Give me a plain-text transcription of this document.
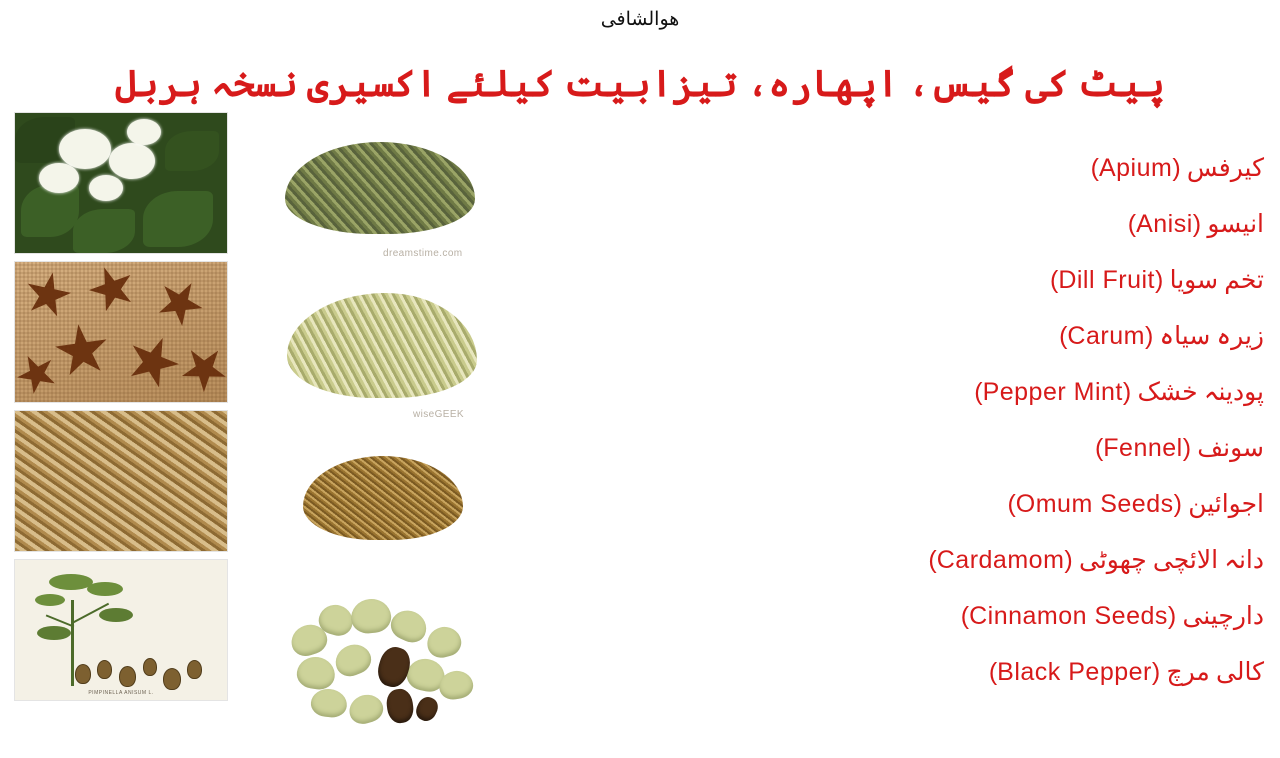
هوالشافی
پیٹ کی گیس، اپھارہ، تیزابیت کیلئے اکسیری نسخہ ہربل
PIMPINELLA ANISUM L.
dreamstime.com
wiseGEEK
کیرفس (Apium)
انیسو (Anisi)
تخم سویا (Dill Fruit)
زیرہ سیاہ (Carum)
پودینہ خشک (Pepper Mint)
سونف (Fennel)
اجوائین (Omum Seeds)
دانہ الائچی چھوٹی (Cardamom)
دارچینی (Cinnamon Seeds)
کالی مرچ (Black Pepper)
